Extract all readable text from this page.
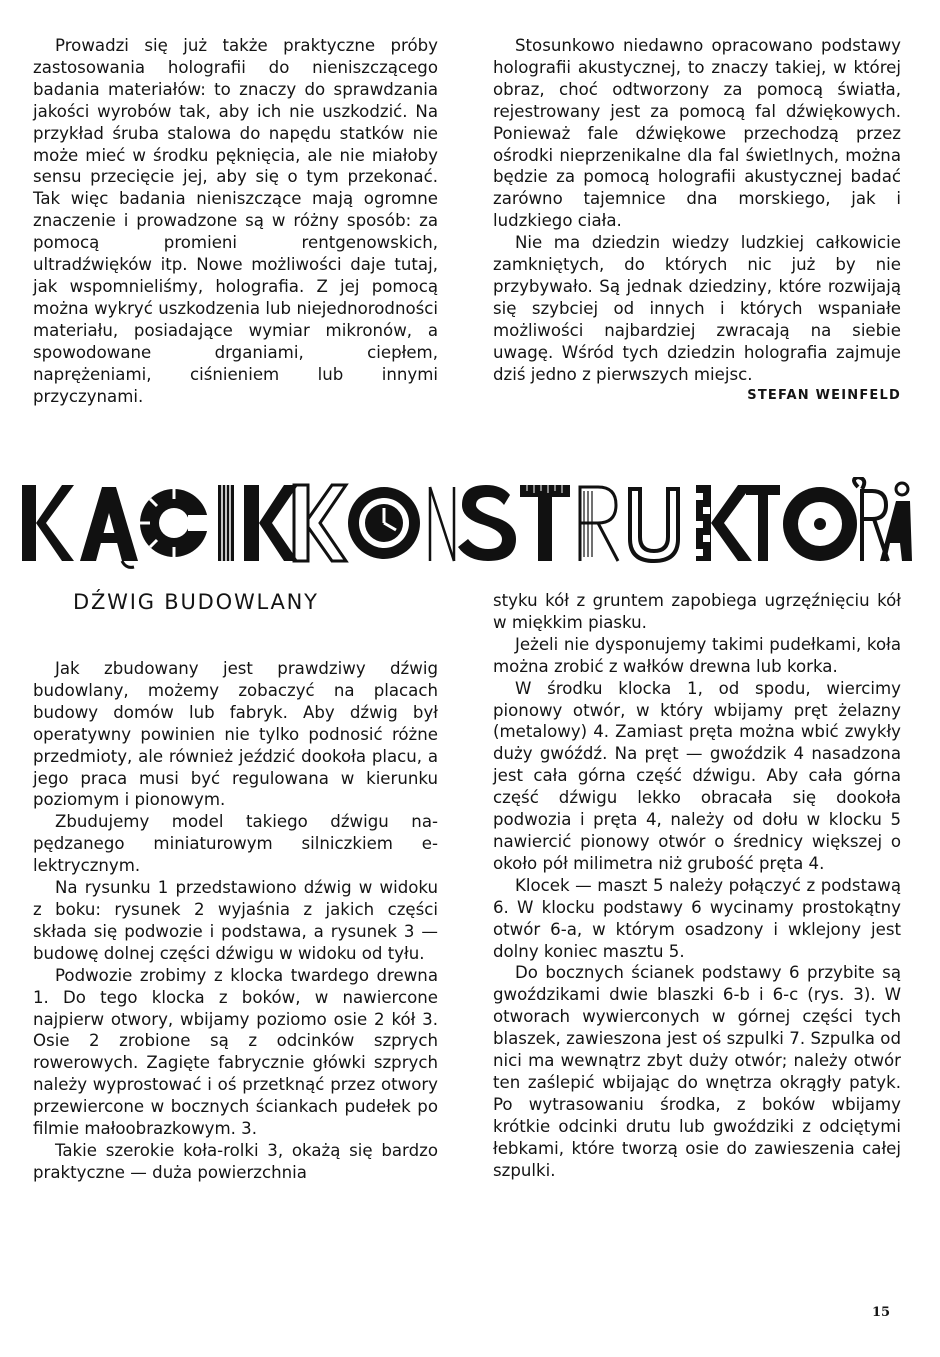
Prowadzi się już także praktyczne próby zastosowania holografii do nieniszczącego badania materiałów: to znaczy do sprawdzania jakości wyrobów tak, aby ich nie uszkodzić. Na przykład śruba stalowa do napędu statków nie może mieć w środku pęknięcia, ale nie miałoby sensu przecięcie jej, aby się o tym przekonać. Tak więc badania nieniszczące mają ogromne znaczenie i prowadzone są w różny sposób: za pomocą promieni rentgenowskich, ultradźwięków itp. Nowe możliwości daje tutaj, jak wspomnieliśmy, holografia. Z jej pomocą można wykryć uszkodzenia lub niejednorodności materiału, posiadające wymiar mikronów, a spowodowane drganiami, ciepłem, naprężeniami, ciśnieniem lub innymi przyczynami.

Stosunkowo niedawno opracowano podstawy holografii akustycznej, to znaczy takiej, w której obraz, choć odtworzony za pomocą światła, rejestrowany jest za pomocą fal dźwiękowych. Ponieważ fale dźwiękowe przechodzą przez ośrodki nieprzenikalne dla fal świetlnych, można będzie za pomocą holografii akustycznej badać zarówno tajemnice dna morskiego, jak i ludzkiego ciała.

Nie ma dziedzin wiedzy ludzkiej całkowicie zamkniętych, do których nic już by nie przybywało. Są jednak dziedziny, które rozwijają się szybciej od innych i których wspaniałe możliwości najbardziej zwracają na siebie uwagę. Wśród tych dziedzin holografia zajmuje dziś jedno z pierwszych miejsc.

STEFAN WEINFELD
DŹWIG BUDOWLANY

Jak zbudowany jest prawdziwy dźwig budowlany, możemy zobaczyć na placach budowy domów lub fabryk. Aby dźwig był operatywny powinien nie tylko podnosić różne przedmioty, ale również jeździć dookoła placu, a jego praca musi być regulowana w kierunku poziomym i pionowym.

Zbudujemy model takiego dźwigu napędzanego miniaturowym silniczkiem elektrycznym.

Na rysunku 1 przedstawiono dźwig w widoku z boku: rysunek 2 wyjaśnia z jakich części składa się podwozie i podstawa, a rysunek 3 — budowę dolnej części dźwigu w widoku od tyłu.

Podwozie zrobimy z klocka twardego drewna 1. Do tego klocka z boków, w nawiercone najpierw otwory, wbijamy poziomo osie 2 kół 3. Osie 2 zrobione są z odcinków szprych rowerowych. Zagięte fabrycznie główki szprych należy wyprostować i oś przetknąć przez otwory przewiercone w bocznych ściankach pudełek po filmie małoobrazkowym. 3.

Takie szerokie koła-rolki 3, okażą się bardzo praktyczne — duża powierzchnia

styku kół z gruntem zapobiega ugrzęźnięciu kół w miękkim piasku.

Jeżeli nie dysponujemy takimi pudełkami, koła można zrobić z wałków drewna lub korka.

W środku klocka 1, od spodu, wiercimy pionowy otwór, w który wbijamy pręt żelazny (metalowy) 4. Zamiast pręta można wbić zwykły duży gwóźdź. Na pręt — gwoździk 4 nasadzona jest cała górna część dźwigu. Aby cała górna część dźwigu lekko obracała się dookoła podwozia i pręta 4, należy od dołu w klocku 5 nawiercić pionowy otwór o średnicy większej o około pół milimetra niż grubość pręta 4.

Klocek — maszt 5 należy połączyć z podstawą 6. W klocku podstawy 6 wycinamy prostokątny otwór 6-a, w którym osadzony i wklejony jest dolny koniec masztu 5.

Do bocznych ścianek podstawy 6 przybite są gwoździkami dwie blaszki 6-b i 6-c (rys. 3). W otworach wywierconych w górnej części tych blaszek, zawieszona jest oś szpulki 7. Szpulka od nici ma wewnątrz zbyt duży otwór; należy otwór ten zaślepić wbijając do wnętrza okrągły patyk. Po wytrasowaniu środka, z boków wbijamy krótkie odcinki drutu lub gwoździki z odciętymi łebkami, które tworzą osie do zawieszenia całej szpulki.

15
